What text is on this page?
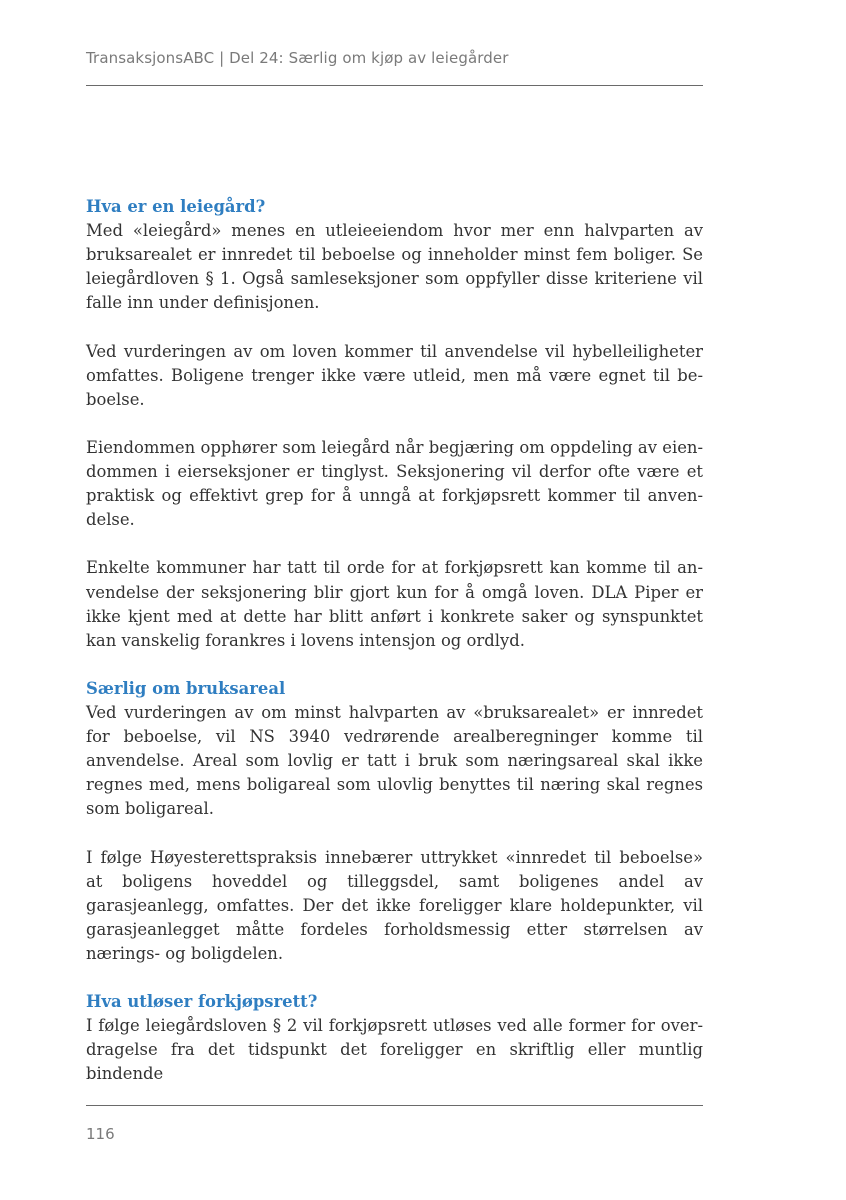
TransaksjonsABC | Del 24: Særlig om kjøp av leiegårder
Hva er en leiegård?

Med «leiegård» menes en utleieeiendom hvor mer enn halvparten av bruksarealet er innredet til beboelse og inneholder minst fem boliger. Se leiegårdloven § 1. Også samleseksjoner som oppfyller disse kriteriene vil falle inn under definisjonen.

Ved vurderingen av om loven kommer til anvendelse vil hybelleiligheter omfattes. Boligene trenger ikke være utleid, men må være egnet til beboelse.

Eiendommen opphører som leiegård når begjæring om oppdeling av eiendommen i eierseksjoner er tinglyst. Seksjonering vil derfor ofte være et praktisk og effektivt grep for å unngå at forkjøpsrett kommer til anvendelse.

Enkelte kommuner har tatt til orde for at forkjøpsrett kan komme til anvendelse der seksjonering blir gjort kun for å omgå loven. DLA Piper er ikke kjent med at dette har blitt anført i konkrete saker og synspunktet kan vanskelig forankres i lovens intensjon og ordlyd.

Særlig om bruksareal

Ved vurderingen av om minst halvparten av «bruksarealet» er innredet for beboelse, vil NS 3940 vedrørende arealberegninger komme til anvendelse. Areal som lovlig er tatt i bruk som næringsareal skal ikke regnes med, mens boligareal som ulovlig benyttes til næring skal regnes som boligareal.

I følge Høyesterettspraksis innebærer uttrykket «innredet til beboelse» at boligens hoveddel og tilleggsdel, samt boligenes andel av garasjeanlegg, omfattes. Der det ikke foreligger klare holdepunkter, vil garasjeanlegget måtte fordeles forholdsmessig etter størrelsen av nærings- og boligdelen.

Hva utløser forkjøpsrett?

I følge leiegårdsloven § 2 vil forkjøpsrett utløses ved alle former for overdragelse fra det tidspunkt det foreligger en skriftlig eller muntlig bindende

116
